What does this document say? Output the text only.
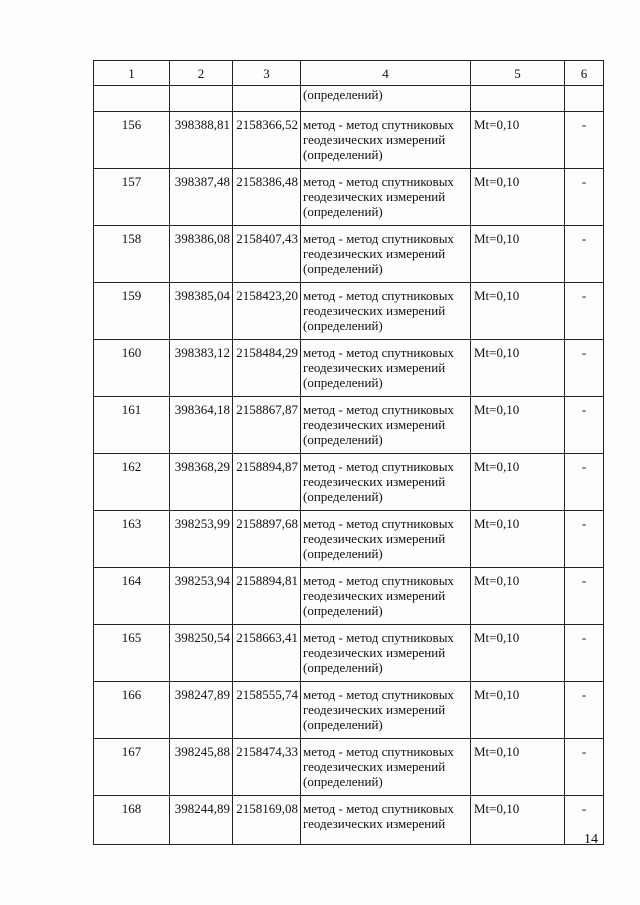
1	2	3	4	5	6
			(определений)		
156	398388,81	2158366,52	метод - метод спутниковых
геодезических измерений
(определений)	Mt=0,10	-
157	398387,48	2158386,48	метод - метод спутниковых
геодезических измерений
(определений)	Mt=0,10	-
158	398386,08	2158407,43	метод - метод спутниковых
геодезических измерений
(определений)	Mt=0,10	-
159	398385,04	2158423,20	метод - метод спутниковых
геодезических измерений
(определений)	Mt=0,10	-
160	398383,12	2158484,29	метод - метод спутниковых
геодезических измерений
(определений)	Mt=0,10	-
161	398364,18	2158867,87	метод - метод спутниковых
геодезических измерений
(определений)	Mt=0,10	-
162	398368,29	2158894,87	метод - метод спутниковых
геодезических измерений
(определений)	Mt=0,10	-
163	398253,99	2158897,68	метод - метод спутниковых
геодезических измерений
(определений)	Mt=0,10	-
164	398253,94	2158894,81	метод - метод спутниковых
геодезических измерений
(определений)	Mt=0,10	-
165	398250,54	2158663,41	метод - метод спутниковых
геодезических измерений
(определений)	Mt=0,10	-
166	398247,89	2158555,74	метод - метод спутниковых
геодезических измерений
(определений)	Mt=0,10	-
167	398245,88	2158474,33	метод - метод спутниковых
геодезических измерений
(определений)	Mt=0,10	-
168	398244,89	2158169,08	метод - метод спутниковых
геодезических измерений	Mt=0,10	-
14
